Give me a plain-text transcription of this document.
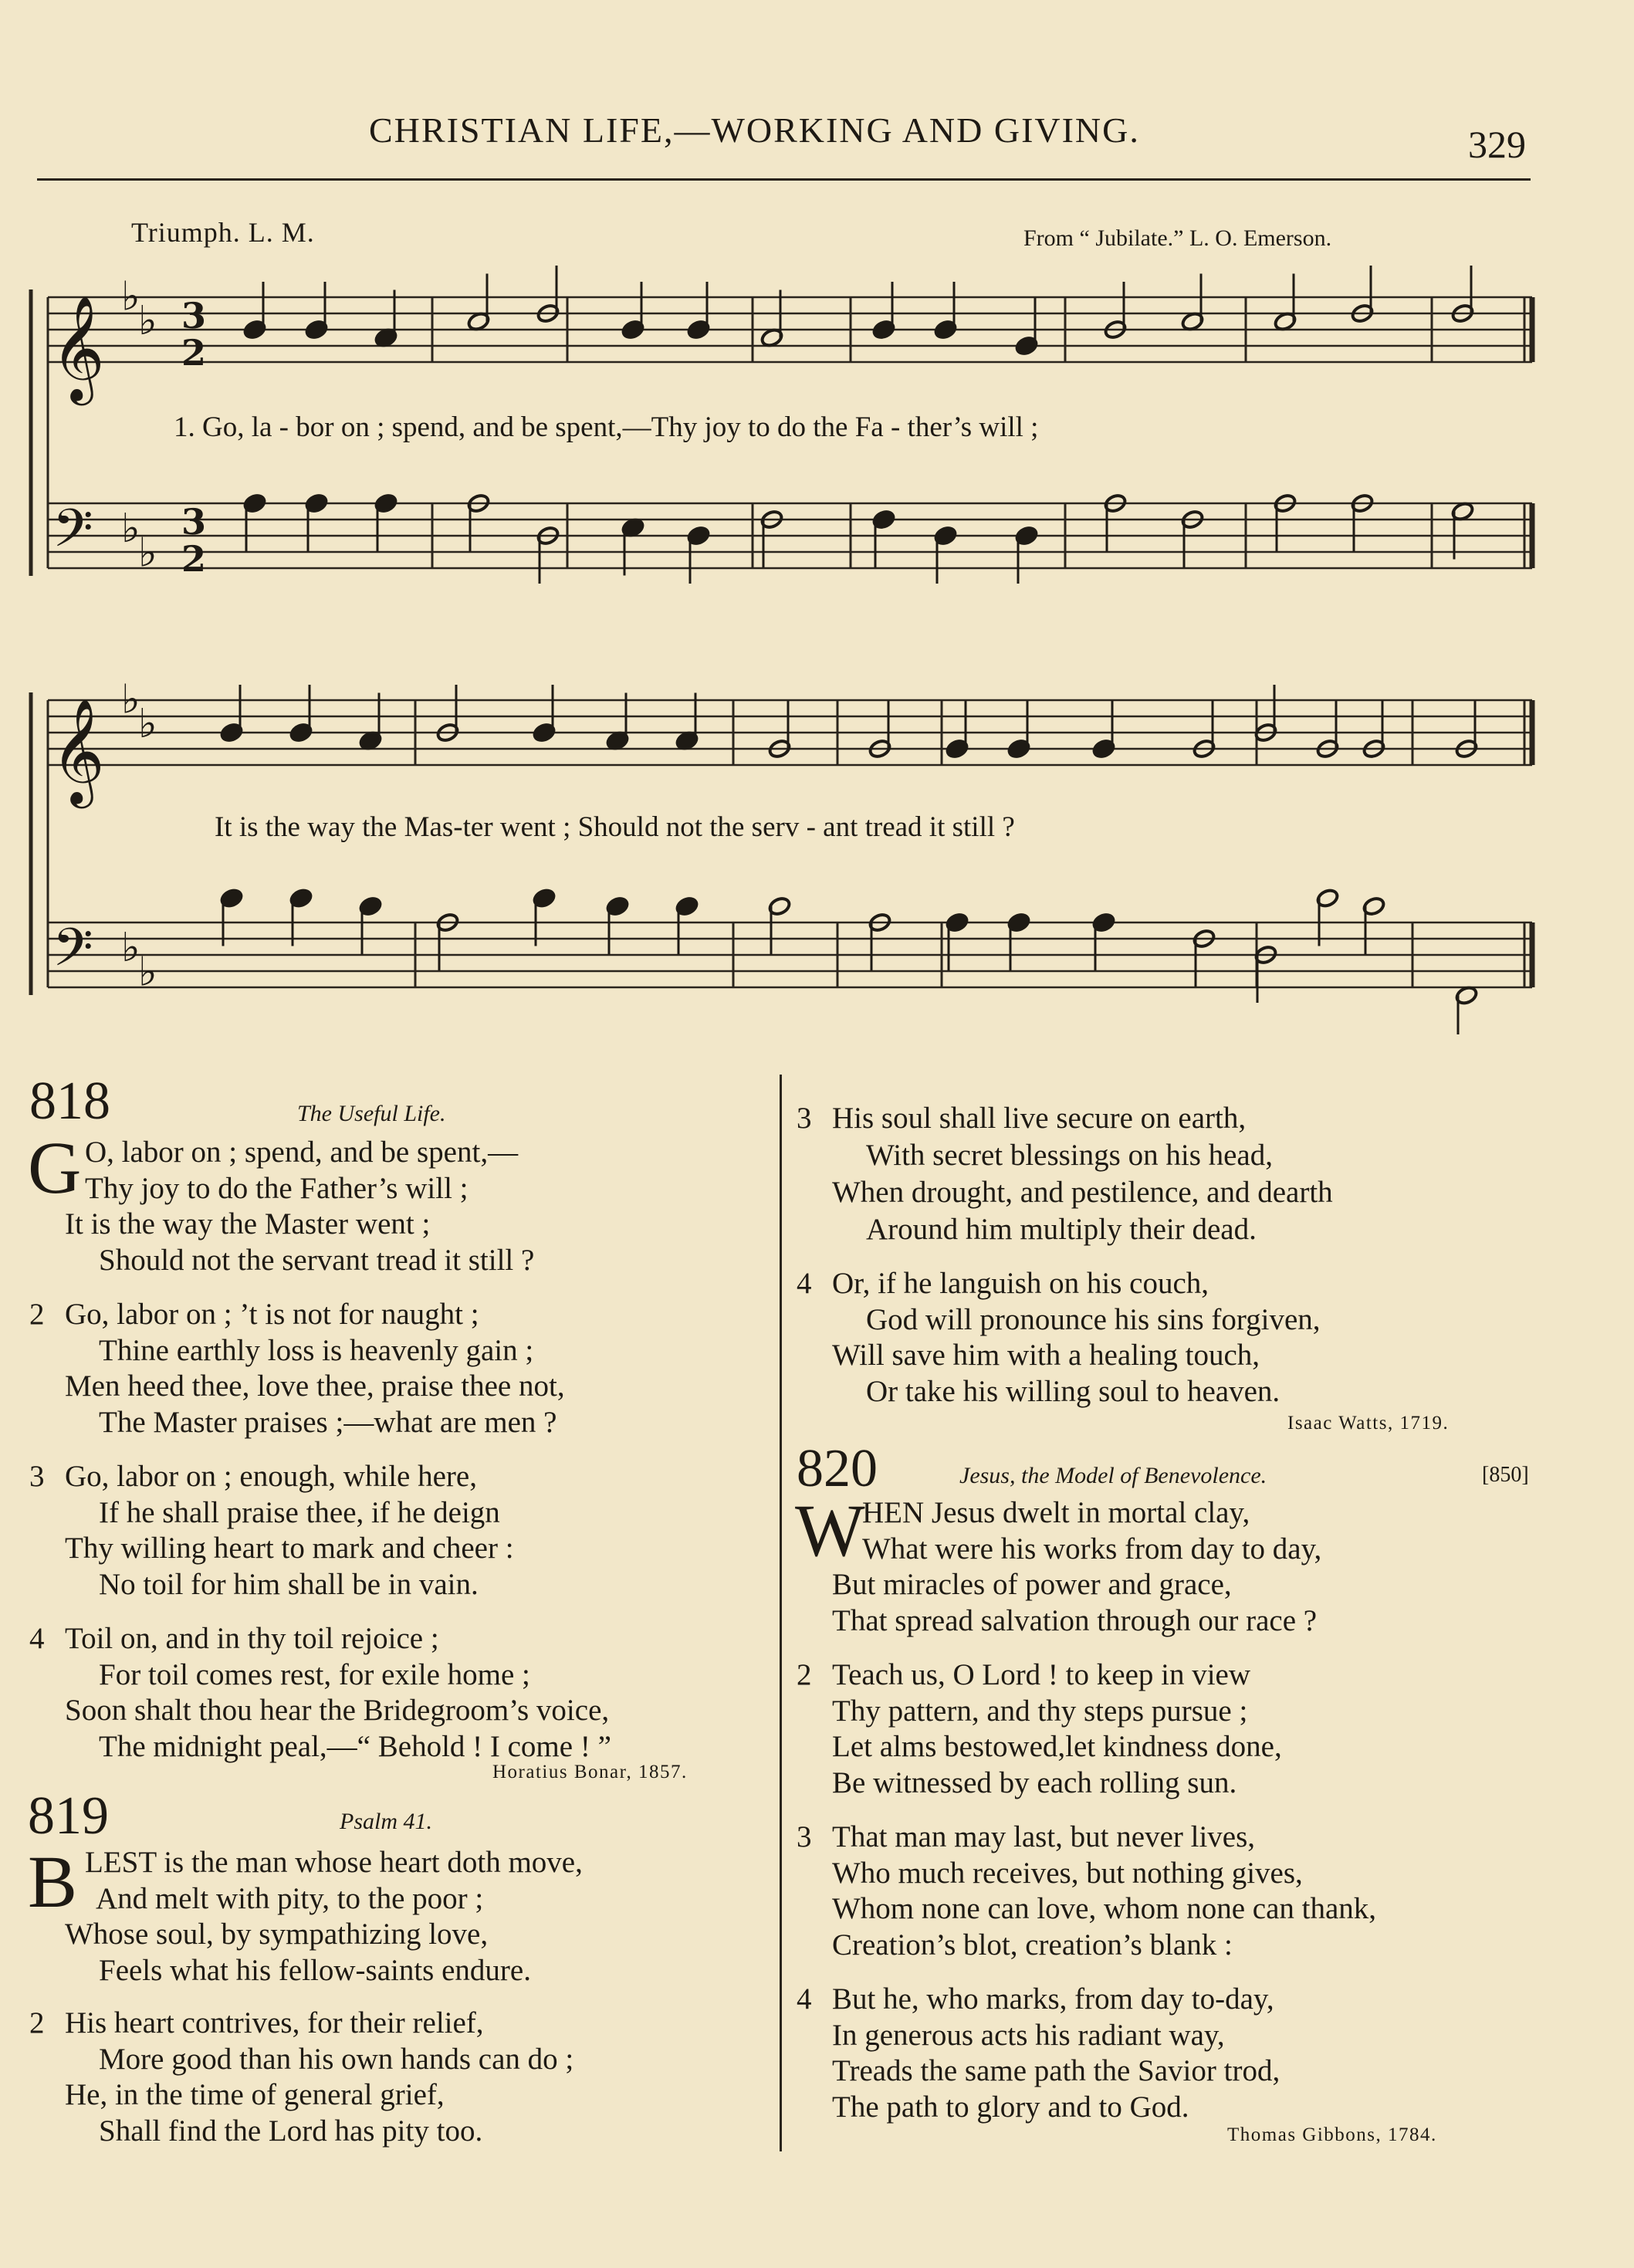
CHRISTIAN LIFE,—WORKING AND GIVING.	329
Triumph. L. M.	From “ Jubilate.” L. O. Emerson.
𝄞
𝄢
♭
♭
♭
♭
𝄞
𝄢
♭
♭
♭
♭
3
2
3
2
1. Go, la - bor on ; spend, and be spent,—Thy joy to do the Fa - ther’s will ;
It is the way the Mas-ter went ; Should not the serv - ant tread it still ?
818	The Useful Life.
G O, labor on ; spend, and be spent,—
Thy joy to do the Father’s will ;
It is the way the Master went ;
Should not the servant tread it still ?
Go, labor on ; ’t is not for naught ;
2
Thine earthly loss is heavenly gain ;
Men heed thee, love thee, praise thee not,
The Master praises ;—what are men ?
Go, labor on ; enough, while here,
3
If he shall praise thee, if he deign
Thy willing heart to mark and cheer :
No toil for him shall be in vain.
Toil on, and in thy toil rejoice ;
4
For toil comes rest, for exile home ;
Soon shalt thou hear the Bridegroom’s voice,
The midnight peal,—“ Behold ! I come ! ”
819	Psalm 41.
B LEST is the man whose heart doth move,
And melt with pity, to the poor ;
Whose soul, by sympathizing love,
Feels what his fellow-saints endure.
His heart contrives, for their relief,
More good than his own hands can do ;
He, in the time of general grief,
Shall find the Lord has pity too.
2
His soul shall live secure on earth,
With secret blessings on his head,
When drought, and pestilence, and dearth
Around him multiply their dead.
3
Or, if he languish on his couch,
God will pronounce his sins forgiven,
Will save him with a healing touch,
Or take his willing soul to heaven.
4
820	Jesus, the Model of Benevolence.	[850]
W
HEN Jesus dwelt in mortal clay,
What were his works from day to day,
But miracles of power and grace,
That spread salvation through our race ?
Teach us, O Lord ! to keep in view
2
Thy pattern, and thy steps pursue ;
Let alms bestowed,let kindness done,
Be witnessed by each rolling sun.
That man may last, but never lives,
3
Who much receives, but nothing gives,
Whom none can love, whom none can thank,
Creation’s blot, creation’s blank :
But he, who marks, from day to-day,
4
In generous acts his radiant way,
Treads the same path the Savior trod,
The path to glory and to God.
Horatius Bonar, 1857.
Isaac Watts, 1719.
Thomas Gibbons, 1784.
